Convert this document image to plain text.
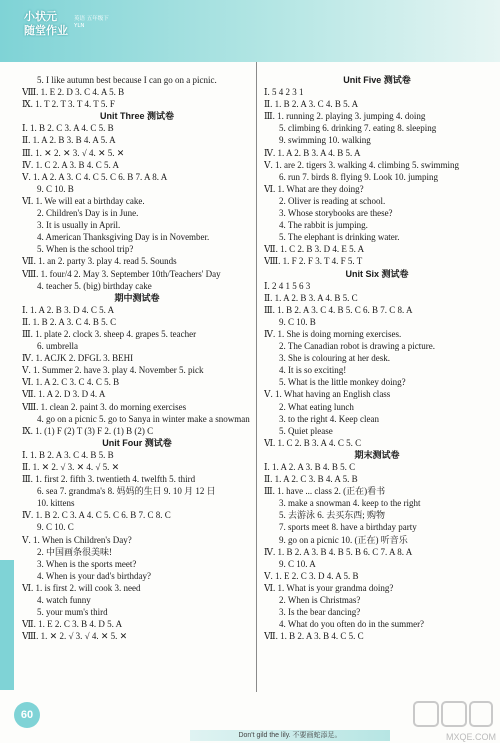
小状元
随堂作业
英语 五年级下 YLN
5. I like autumn best because I can go on a picnic.
Ⅷ. 1. E 2. D 3. C 4. A 5. B
Ⅸ. 1. T 2. T 3. T 4. T 5. F
Unit Three 测试卷
Ⅰ. 1. B 2. C 3. A 4. C 5. B
Ⅱ. 1. A 2. B 3. B 4. A 5. A
Ⅲ. 1. ✕ 2. ✕ 3. √ 4. ✕ 5. ✕
Ⅳ. 1. C 2. A 3. B 4. C 5. A
Ⅴ. 1. A 2. A 3. C 4. C 5. C 6. B 7. A 8. A
9. C 10. B
Ⅵ. 1. We will eat a birthday cake.
2. Children's Day is in June.
3. It is usually in April.
4. American Thanksgiving Day is in November.
5. When is the school trip?
Ⅶ. 1. an 2. party 3. play 4. read 5. Sounds
Ⅷ. 1. four/4 2. May 3. September 10th/Teachers' Day
4. teacher 5. (big) birthday cake
期中测试卷
Ⅰ. 1. A 2. B 3. D 4. C 5. A
Ⅱ. 1. B 2. A 3. C 4. B 5. C
Ⅲ. 1. plate 2. clock 3. sheep 4. grapes 5. teacher
6. umbrella
Ⅳ. 1. ACJK 2. DFGL 3. BEHI
Ⅴ. 1. Summer 2. have 3. play 4. November 5. pick
Ⅵ. 1. A 2. C 3. C 4. C 5. B
Ⅶ. 1. A 2. D 3. D 4. A
Ⅷ. 1. clean 2. paint 3. do morning exercises
4. go on a picnic 5. go to Sanya in winter make a snowman
Ⅸ. 1. (1) F (2) T (3) F 2. (1) B (2) C
Unit Four 测试卷
Ⅰ. 1. B 2. A 3. C 4. B 5. B
Ⅱ. 1. ✕ 2. √ 3. ✕ 4. √ 5. ✕
Ⅲ. 1. first 2. fifth 3. twentieth 4. twelfth 5. third
6. sea 7. grandma's 8. 妈妈的生日 9. 10 月 12 日
10. kittens
Ⅳ. 1. B 2. C 3. A 4. C 5. C 6. B 7. C 8. C
9. C 10. C
Ⅴ. 1. When is Children's Day?
2. 中国画条很美味!
3. When is the sports meet?
4. When is your dad's birthday?
Ⅵ. 1. is first 2. will cook 3. need
4. watch funny
5. your mum's third
Ⅶ. 1. E 2. C 3. B 4. D 5. A
Ⅷ. 1. ✕ 2. √ 3. √ 4. ✕ 5. ✕
Unit Five 测试卷
Ⅰ. 5 4 2 3 1
Ⅱ. 1. B 2. A 3. C 4. B 5. A
Ⅲ. 1. running 2. playing 3. jumping 4. doing
5. climbing 6. drinking 7. eating 8. sleeping
9. swimming 10. walking
Ⅳ. 1. A 2. B 3. A 4. B 5. A
Ⅴ. 1. are 2. tigers 3. walking 4. climbing 5. swimming
6. run 7. birds 8. flying 9. Look 10. jumping
Ⅵ. 1. What are they doing?
2. Oliver is reading at school.
3. Whose storybooks are these?
4. The rabbit is jumping.
5. The elephant is drinking water.
Ⅶ. 1. C 2. B 3. D 4. E 5. A
Ⅷ. 1. F 2. F 3. T 4. F 5. T
Unit Six 测试卷
Ⅰ. 2 4 1 5 6 3
Ⅱ. 1. A 2. B 3. A 4. B 5. C
Ⅲ. 1. B 2. A 3. C 4. B 5. C 6. B 7. C 8. A
9. C 10. B
Ⅳ. 1. She is doing morning exercises.
2. The Canadian robot is drawing a picture.
3. She is colouring at her desk.
4. It is so exciting!
5. What is the little monkey doing?
Ⅴ. 1. What having an English class
2. What eating lunch
3. to the right 4. Keep clean
5. Quiet please
Ⅵ. 1. C 2. B 3. A 4. C 5. C
期末测试卷
Ⅰ. 1. A 2. A 3. B 4. B 5. C
Ⅱ. 1. A 2. C 3. B 4. A 5. B
Ⅲ. 1. have ... class 2. (正在)看书
3. make a snowman 4. keep to the right
5. 去游泳 6. 去买东西; 购物
7. sports meet 8. have a birthday party
9. go on a picnic 10. (正在) 听音乐
Ⅳ. 1. B 2. A 3. B 4. B 5. B 6. C 7. A 8. A
9. C 10. A
Ⅴ. 1. E 2. C 3. D 4. A 5. B
Ⅵ. 1. What is your grandma doing?
2. When is Christmas?
3. Is the bear dancing?
4. What do you often do in the summer?
Ⅶ. 1. B 2. A 3. B 4. C 5. C
60
Don't gild the lily. 不要画蛇添足。	MXQE.COM
